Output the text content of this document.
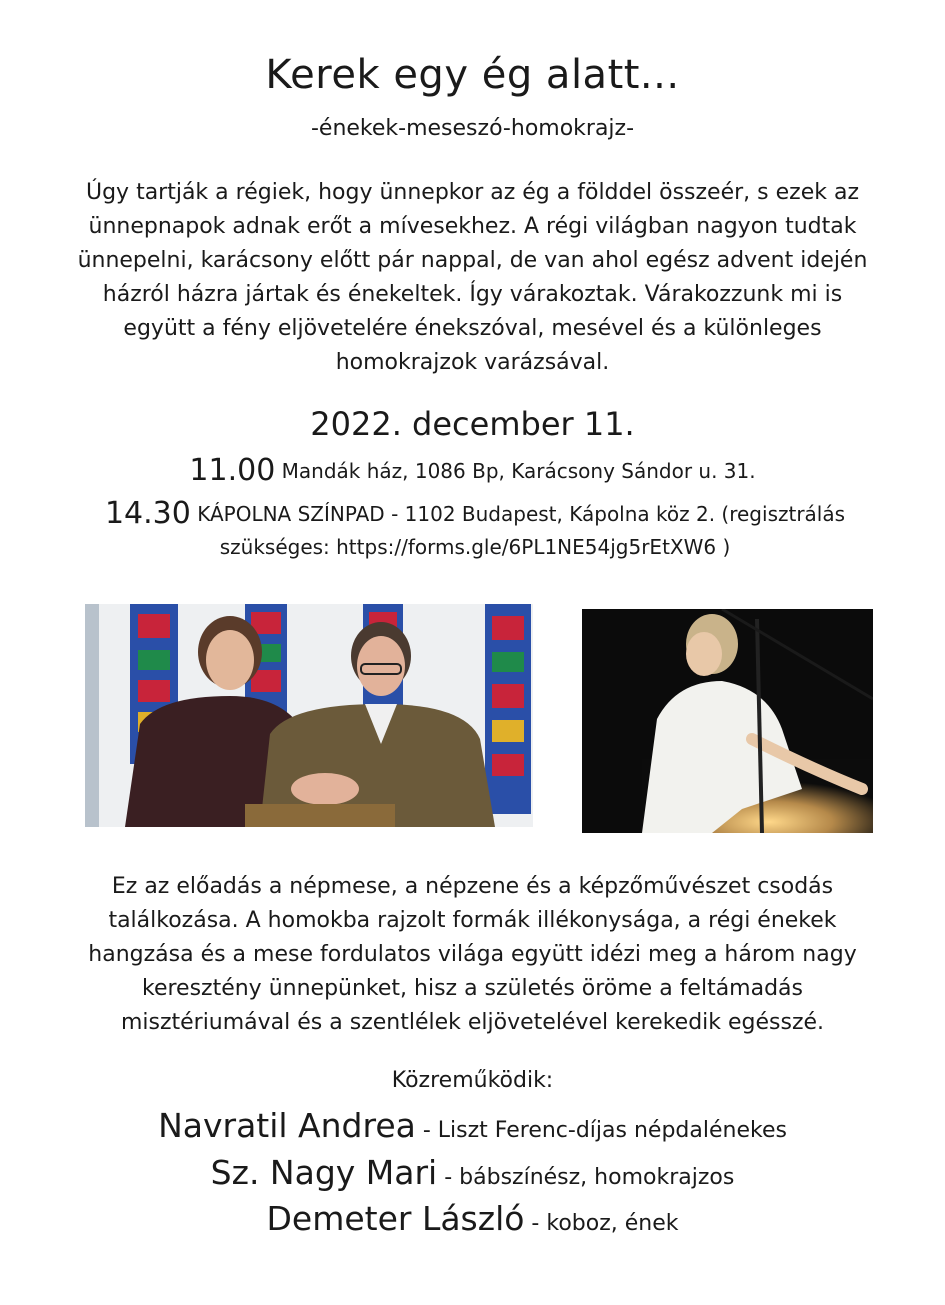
Kerek egy ég alatt...
-énekek-meseszó-homokrajz-
Úgy tartják a régiek, hogy ünnepkor az ég a földdel összeér, s ezek az ünnepnapok adnak erőt a mívesekhez. A régi világban nagyon tudtak ünnepelni, karácsony előtt pár nappal, de van ahol egész advent idején házról házra jártak és énekeltek. Így várakoztak. Várakozzunk mi is együtt a fény eljövetelére énekszóval, mesével és a különleges homokrajzok varázsával.
2022. december 11.
11.00 Mandák ház, 1086 Bp, Karácsony Sándor u. 31.
14.30 KÁPOLNA SZÍNPAD - 1102 Budapest, Kápolna köz 2. (regisztrálás szükséges: https://forms.gle/6PL1NE54jg5rEtXW6 )
Ez az előadás a népmese, a népzene és a képzőművészet csodás találkozása. A homokba rajzolt formák illékonysága, a régi énekek hangzása és a mese fordulatos világa együtt idézi meg a három nagy keresztény ünnepünket, hisz a születés öröme a feltámadás misztériumával és a szentlélek eljövetelével kerekedik egésszé.
Közreműködik:
Navratil Andrea - Liszt Ferenc-díjas népdalénekes
Sz. Nagy Mari - bábszínész, homokrajzos
Demeter László - koboz, ének
